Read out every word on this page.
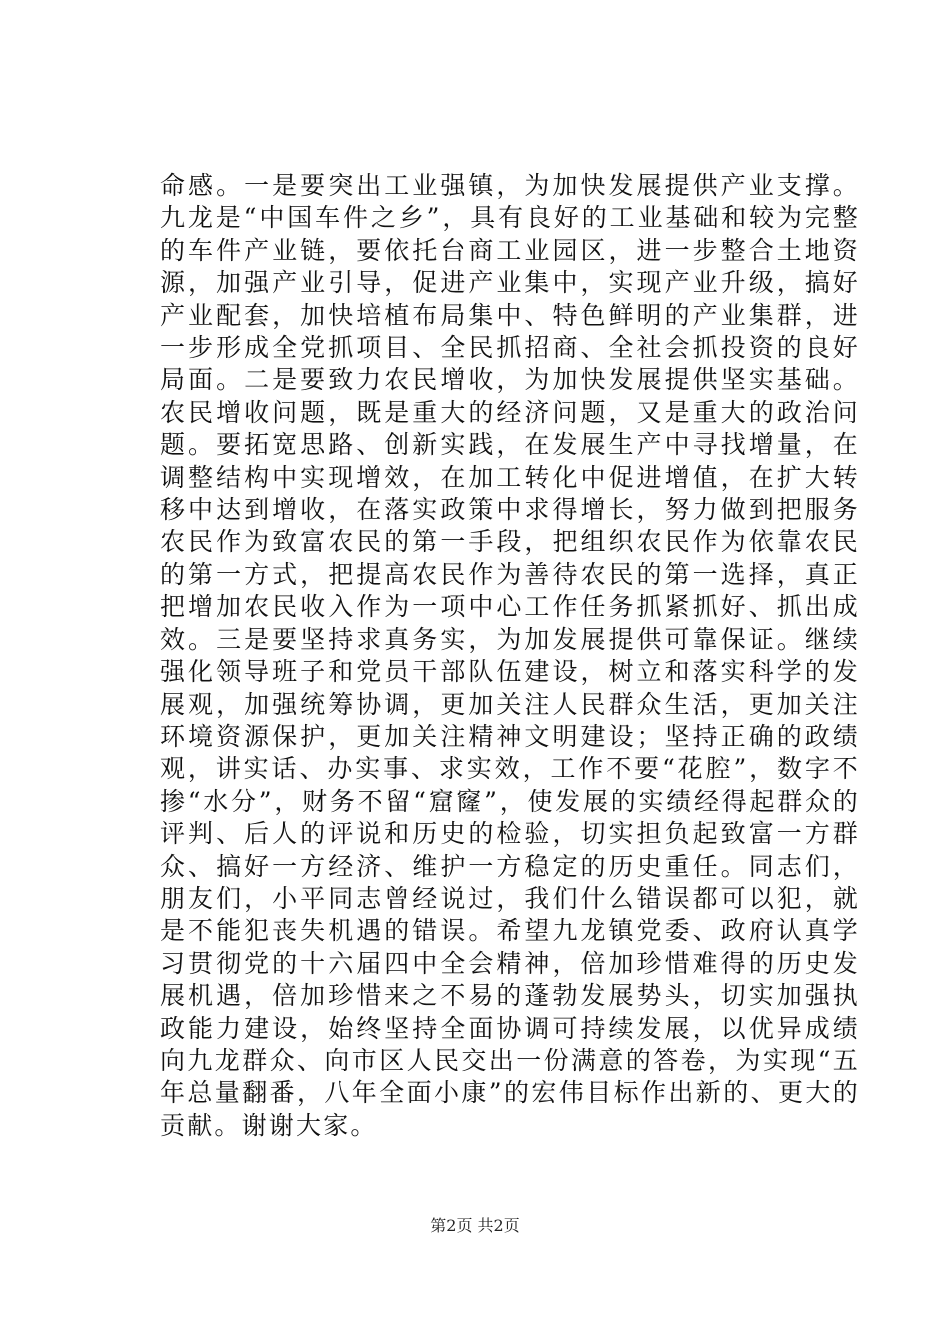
命感。一是要突出工业强镇，为加快发展提供产业支撑。九龙是“中国车件之乡”，具有良好的工业基础和较为完整的车件产业链，要依托台商工业园区，进一步整合土地资源，加强产业引导，促进产业集中，实现产业升级，搞好产业配套，加快培植布局集中、特色鲜明的产业集群，进一步形成全党抓项目、全民抓招商、全社会抓投资的良好局面。二是要致力农民增收，为加快发展提供坚实基础。农民增收问题，既是重大的经济问题，又是重大的政治问题。要拓宽思路、创新实践，在发展生产中寻找增量，在调整结构中实现增效，在加工转化中促进增值，在扩大转移中达到增收，在落实政策中求得增长，努力做到把服务农民作为致富农民的第一手段，把组织农民作为依靠农民的第一方式，把提高农民作为善待农民的第一选择，真正把增加农民收入作为一项中心工作任务抓紧抓好、抓出成效。三是要坚持求真务实，为加发展提供可靠保证。继续强化领导班子和党员干部队伍建设，树立和落实科学的发展观，加强统筹协调，更加关注人民群众生活，更加关注环境资源保护，更加关注精神文明建设；坚持正确的政绩观，讲实话、办实事、求实效，工作不要“花腔”，数字不掺“水分”，财务不留“窟窿”，使发展的实绩经得起群众的评判、后人的评说和历史的检验，切实担负起致富一方群众、搞好一方经济、维护一方稳定的历史重任。同志们，朋友们，小平同志曾经说过，我们什么错误都可以犯，就是不能犯丧失机遇的错误。希望九龙镇党委、政府认真学习贯彻党的十六届四中全会精神，倍加珍惜难得的历史发展机遇，倍加珍惜来之不易的蓬勃发展势头，切实加强执政能力建设，始终坚持全面协调可持续发展，以优异成绩向九龙群众、向市区人民交出一份满意的答卷，为实现“五年总量翻番，八年全面小康”的宏伟目标作出新的、更大的贡献。谢谢大家。

第2页 共2页
